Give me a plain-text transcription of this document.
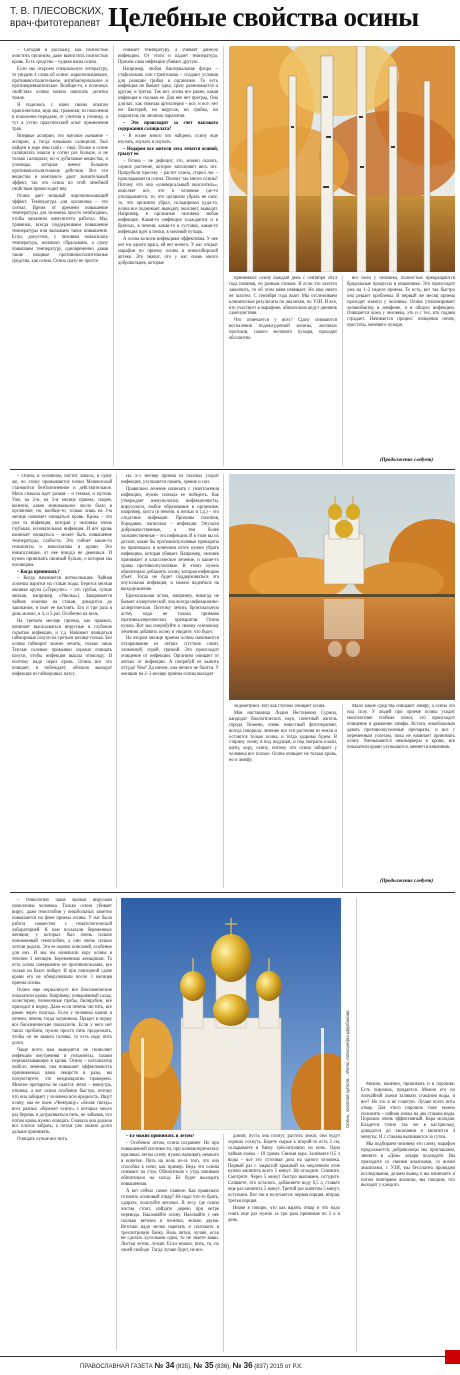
Т. В. ПЛЕСОВСКИХ,
врач-фитотерапевт Целебные свойства осины

– Сегодня я расскажу, как полностью очистить организм, даже вычистить полностью кровь. Есть средство – чудная наша осина.

Если мы откроем специальную литературу, то увидим 4 слова об осине: жаропонижающее, противовоспалительное, антибактериальное и противоревматическое. Вообще-то, о полезных свойствах осины можно написать десятки томов.

Я поделюсь с вами своим опытом практическим, ведь мы, травники, из поколения в поколение передаем, от учителя к ученику, и тут я устно практический опыт применения трав.

Впервые аспирин, это научное название – аспирин, а тогда называли салицилат, был найден в коре ивы (salix – ива). Позже в осине салицилата нашли в сотни раз больше, и не только салицилат, но и дубильные вещества, и углеводы, которые имеют большое противовоспалительное действие. Все эти вещества в комплексе дают значительный эффект, так что осина по этой лечебной свойствам превосходит иву.

Осина дает мощный жаропонижающий эффект. Температура для организма – это сигнал. Время от времени повышение температуры для человека просто необходимо, чтобы механизм иммунитета работал. Мы, травники, всегда поддерживаем повышение температуры или вызываем такое повышение. Если, допустим, у человека повысилась температура, маловато сбрасываем, а сразу повышаем температуру, одновременно давая такие мощные противовоспалительные средства, как осина. Осина сразу не просто

снижает температуру, а убивает данную инфекцию. От этого и падает температура. Причем сама инфекция убивает другую.

Например, любая бактериальная флора – стафилококк или стрептококк – создают условия для реакции грибка в организме. То есть инфекция не бывает одна, сразу размножается и другая, и третья. Так вот, осина все равно, какая инфекция и сколько ее. Для нее нет преград. Она для вас, как тяжелая артиллерия – все, и все: нет ни бактерий, ни вирусов, ни грибка, ни паразитов, ни личинок паразитов.

– Это происходит за счет высокого содержания салицилата?

– В осине много что найдено, осину еще изучать, изучать и изучать.

– Недаром все жители леса лечатся осиной, грызут ее.

– Осина – не дефицит, это, можно сказать, сорное растение, которое заполоняет весь лес. Прорубили просеку – растет осина, сгорел лес – прокладывается осина. Почему так много осины? Потому что она «универсальный окислитель», окисляет все, что в человеке где-то откладывается, то, что организм убрать не смог, то, что организм убрал, складировал куда-то, осина все поднимает, выводит, окисляет, выводит. Например, в организме человека любая инфекция. Какая-то инфекция осаждается и в бронхах, в печени, какая-то в суставах, какая-то инфекция идет в почки, в мочевой пузырь.

А осина ко всем инфекциям эффективна. У нее нет ни одного врага, ей нет ничего. У нас открыт марафон по приему осины в новосибирской аптеке. Это значит, что у нас очень много добровольцев, которые

принимают осину каждый день с сентября 2014 года начиная, по разным схемам. И если это захотел закончить, то об этом меня извещает. Но еще никто не захотел. С сентября года пьют. Мы отслеживаем клинические результаты по анализам, по УЗИ. И все, кто участвует в марафоне, обязательно ведут дневник самочувствия.

Что отмечается у всех? Сразу снимаются воспаления поджелудочной железы, желчных протоков, самого желчного пузыря, проходят абсолютно

все боли у человека, полностью прекращаются бродильные процессы в кишечнике. Это происходит уже на 1–2 неделе приема. То есть, вот так быстро она решает проблемы. В первый же месяц приема проходят изжоги у человека. Осина утихомиривает хеликобактер в лимфине, и в общую инфекцию. Очищается кожа у человека, это и с тех, кто годами страдает. Начинается процесс очищения почек, простаты, мочевого пузыря.

(Продолжение следует)

– Осина, в основном, чистит запасы, и сразу же, по этому промываются почки Мочекислый становится безболезненное и действительное. Моча сначала идет разная – и темная, и мутная. Уже, на 2-м, на 3-м месяце приема, скорее, конечно, какое минимальное число было в организме, но, вообще-то, только лишь на 3-м месяце начинает очищаться кровь. Кровь – это уже та инфекция, которая у человека очень глубокая, основательная инфекция. И вот кровь начинает очищаться – может быть повышение температуры, слабость. Это гибнет какие-то гельминты и микоплазмы в крови. Это инкапсуляция, от нее никуда не денешься. И нужно принимать овсяный бульон, о котором мы поговорим.

– Когда принимать?

– Когда начинается интоксикация. Чайная ложечка варится на стакан воды. Берется мелкая овсяная крупа («Геркулес» – это грубая, лучше мелкая, например, «Увелка»). Заваривается чайная ложечка на стакан, доводится до закипания, и пьет ее настоять. Его и три раза в день можно, и 4, и 5 раз. Особенно на ночь.

На третьем месяце приема, как правило, начинает высасываться вирусные и глубокие скрытые инфекции, и т.д. Начинает очищаться гайморовые пазухи на третьем месяце только. Без осины гайморит можно лечить, только лишь Теплые соленые промывки хорошо очищать пазухи, чтобы инфекция вышла отовсюду. И поэтому надо через кровь. Осина все это очищает, и побеждает, обильно выходит инфекция из гайморовых пазух.

На 4–5 месяце приема из глазных уходит инфекция, улучшается память, зрение и сон.

Правильно лечение начинать с уничтожения инфекции, нужно сначала ее победить. Как утверждает иммунология, инфекционисты, вирусологи, любое образование в организме, например, киста (в печени, в почках и т.д.) – это следствие инфекции. Причины полипов, бородавок, папиллом – инфекция. Опухоли доброкачественные, а тем более злокачественные – это инфекция. И в этом вы их детали, какие бы противоопухолевые препараты не принимали, в конечном итоге нужно убрать инфекцию, которая убивает. Например, человек принимает и классическое лечение, и какие-то травы противоопухолевые. К этому нужно обязательно добавлять осину, которая инфекцию убьет. Тогда не будет поддерживаться эта опухольная инфекция, и можно надеяться на выздоровление.

Бронхиальная астма, например, никогда не бывает аллергической, она всегда инфекционно-аллергическая. Поэтому лечить бронхиальную астму надо не только приемом противоаллергических препаратов. Осина нужна. Вот мы попробуйте к своему осиновому лечению добавить осину и увидите, что будет.

На втором месяце приема осины начинаются отхаркивание из легких сгустков слизи, зловонной, серой, грязной. Это происходит очищение от инфекции. Организм очищает от легких от инфекции. А попробуй ее выпить оттуда! Чем? Да ничем, она ничего не боится. У женщин на 2–3 месяце приема осины выходят

эндометриоз. Вот как глубоко очищает осина.

Моя наставница Лидия Нестеровна Сурина, кандидат биологических наук, почетный житель города Тюмени, очень известный фитотерапевт, всегда говорила: лечение все эти растения из земли и остаются только осина, и тогда здоровы будем. В старину осину в под подушки, и под матрасы клали, щепу, кору, осину, потому что осина забирает у человека все плохое. Осина очищает не только кровь, но и лимфу.

Мало какие средства очищают лимфу, а осина это под силу. У людей при приеме осины уходит многолетние стойкие отеки, это происходит очищение и движение лимфы. Кстати, онкобольным давать противоопухолевые препараты, и все с переменным успехом, пока не начинает принимать осину. Уменьшаются онкомаркеры в крови, все показатели крови улучшаются, меняется кишечник.

(Продолжение следует)

– Онкологию чаще вызван вирусами папилломы человека. Только осина убивает вирус, даже гемоглобин у онкобольных заметно повышается на фоне приема осины. У нас была работа совместно с гематологической лабораторией. К нам посылали беременных женщин, у которых был очень сильно пониженный гемоглобин, а они очень сильно хотели родить. Это ее оценок описаний, особенно для них. И мы им назначали кору осины в течение 3 месяцев. Беременным женщинам. То есть осина совершенно не противопоказана, все только на благо пойдет. И при повторной сдаче крови его не обнаруживали после 3 месяцев приема осины.

Осина еще нормализует все биохимические показатели крови. Например, повышенный сахар, холестерин, печеночные пробы, билирубин, все приходит в норму. Даже если печень чистить, все равно через полгода. Если у человека камни в печени, печень тогда загрязнена. Придет в норму все биохимические показатели. Если у него нет таких проблем, нужно просто пить продолжать, чтобы он не вышел головы, то есть надо пить долго.

Чаще всего нам выводятся не позволяет инфекция внутренняя и гельминты, газами перехватывающие в крови. Осина – катализатор любого лечения, она повышает эффективность принимаемых вами лекарств в разы, вы почувствуете, это неоднократно проверено. Многие препараты не пьются легко – вовнутрь, отвлека, а вот осина особенно быстро, потому что она забирает у человека всю вредность. Ищут осину, мы ее пьем «Чемерицу» «Белая гвоздь» всех разных «бережет осину» с которых много раз берешь и дотрагиваться пить, не забывая, что потом кровь нужно очищать. Сначала она должна все плохое забрать, а потом уже можно долго дальше принимать.

Очищать лучше все пить.

Осень, золотая купола... Фото Александра Щербакова

– Ее можно принимать и летом?

– Особенно летом, осина сохраняет. Но при повышенной потливости, при климактерических приливах летом осину нужно выпивать немного в кипятке. Пить на ночь из-за того, что она способна к ночи, как пример. Ведь это осины снимают на утро. Обязательно с утра запиваем обязательно на холод. Её будет выходить повышенная.

А вот сейчас самое главное. Как правильно готовить осиновый отвар? Не надо что-то брать, сдирать, пользуйте веточки. В лесу, где осина чистая стоит, найдите дерево при ветре перевода. Наклоняйте осину. Наломайте с нее сколько веточек в почечки, можно двумя. Веточки надо мелко нарезать и положить в трехлитровую банку. Ноль пятки, лучше, если не сделать кусочками одни, то не знаете ваши. Листья летом, лучше. Если можно, пить, то, по своей свободе. Тогда лучше будет, не все.

домой, пусть она сохнут, растить лежат, они будут хорошо сохнуть. Берете сырые к второй-то есть 3 см, складываете в банку трёхлитровую на ночь. Одна чайная ложка – 10 грамм. Свежая кора. Заливаете 0,5 л воды – все это суточная доза на одного человека. Первый раз с закрытой крышкой на медленном огне нужно кипятить всего 5 минут. Не отходите. Снимите. Смотрите. Через 5 минут быстро выливаем, остудите. Сливаете, что осталось, добавляете воду 0,5 л, ставьте еще раз кипятить 5 минут. Третий раз кипятим 5 минут, остужаем. Вот так и получается: первая порция, вторая, третья порция.

Иначе я говорю, что как варить отвар и что надо снять еще раз нужно за три раза принимая по 3 к в день.

Можно, конечно, принимать и в порошке. Есть порошок, продается. Можно его по полчайной ложки заливать стаканом воды, и все? Но это я не советую. Лучше всего пить отвар. Для этого порошок тоже можно положить – чайная ложка на два стакана воды. Порошок очень эффективный. Кора молодая. Кладется точно так же в кастрюльку, доводится до закипания и кипятится 4 минуты. И 2 стакана выпиваются за сутки.

Мы подбираем человеку его схему, марафон продолжается, добровольцы мы приглашаем, звоните в «Дом» лекаря подходите. Вы приходите со своими анализами, со всеми анализами, с УЗИ, мы бесплатно проводим исследования, делаем вывод и вы начинаете и потом повторяем анализы, мы говорим, что выходит у каждого.

ПРАВОСЛАВНАЯ ГАЗЕТА № 34 (835), № 35 (836), № 36 (837) 2015 от Р.Х.
